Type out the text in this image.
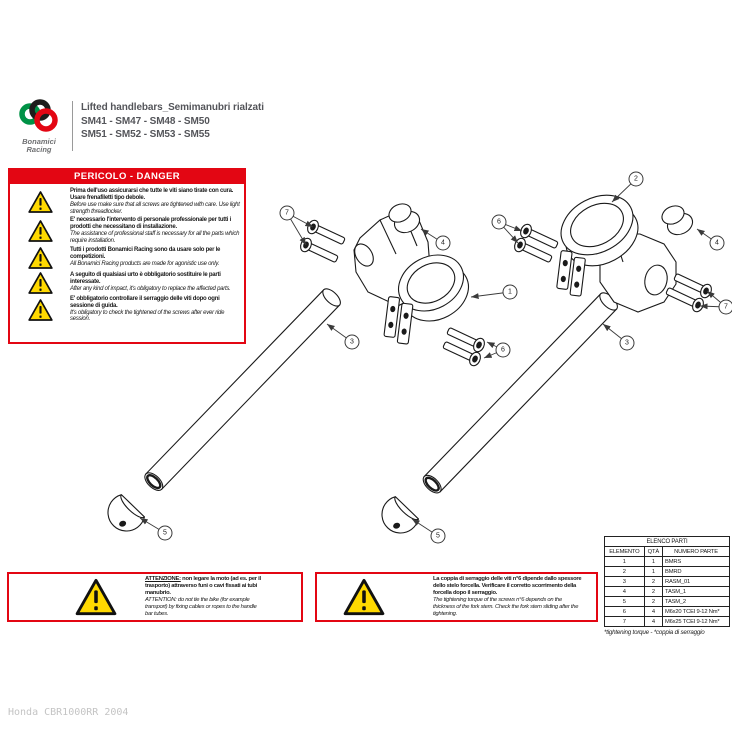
7
4
1
3
6
5
2
6
4
7
3
5
Bonamici
Racing
Lifted handlebars_Semimanubri rialzati
SM41 - SM47 - SM48 - SM50
SM51 - SM52 - SM53 - SM55
PERICOLO - DANGER
Prima dell'uso assicurarsi che tutte le viti siano tirate con cura. Usare frenafiletti tipo debole.
Before use make sure that all screws are tightened with care. Use light strength threadlocker.
E' necessario l'intervento di personale professionale per tutti i prodotti che necessitano di installazione.
The assistance of professional staff is necessary for all the parts which require installation.
Tutti i prodotti Bonamici Racing sono da usare solo per le competizioni.
All Bonamici Racing products are made for agonistic use only.
A seguito di qualsiasi urto è obbligatorio sostituire le parti interessate.
After any kind of impact, it's obligatory to replace the affected parts.
E' obbligatorio controllare il serraggio delle viti dopo ogni sessione di guida.
It's obligatory to check the tightened of the screws after ever ride session.
ATTENZIONE: non legare la moto (ad es. per il trasporto) attraverso funi o cavi fissati ai tubi manubrio.
ATTENTION: do not tie the bike (for example transport) by fixing cables or ropes to the handle bar tubes.
La coppia di serraggio delle viti n°6 dipende dallo spessore dello stelo forcella. Verificare il corretto scorrimento della forcella dopo il serraggio.
The tightening torque of the screws n°6 depends on the thickness of the fork stem. Check the fork stem sliding after the tightening.
ELENCO PARTI		
ELEMENTO	QTÀ	NUMERO PARTE
1	1	BMRS
2	1	BMRD
3	2	RASM_01
4	2	TASM_1
5	2	TASM_2
6	4	M6x20 TCEI 9-12 Nm*
7	4	M6x25 TCEI 9-12 Nm*
*tightening torque - *coppia di serraggio
Honda CBR1000RR 2004
